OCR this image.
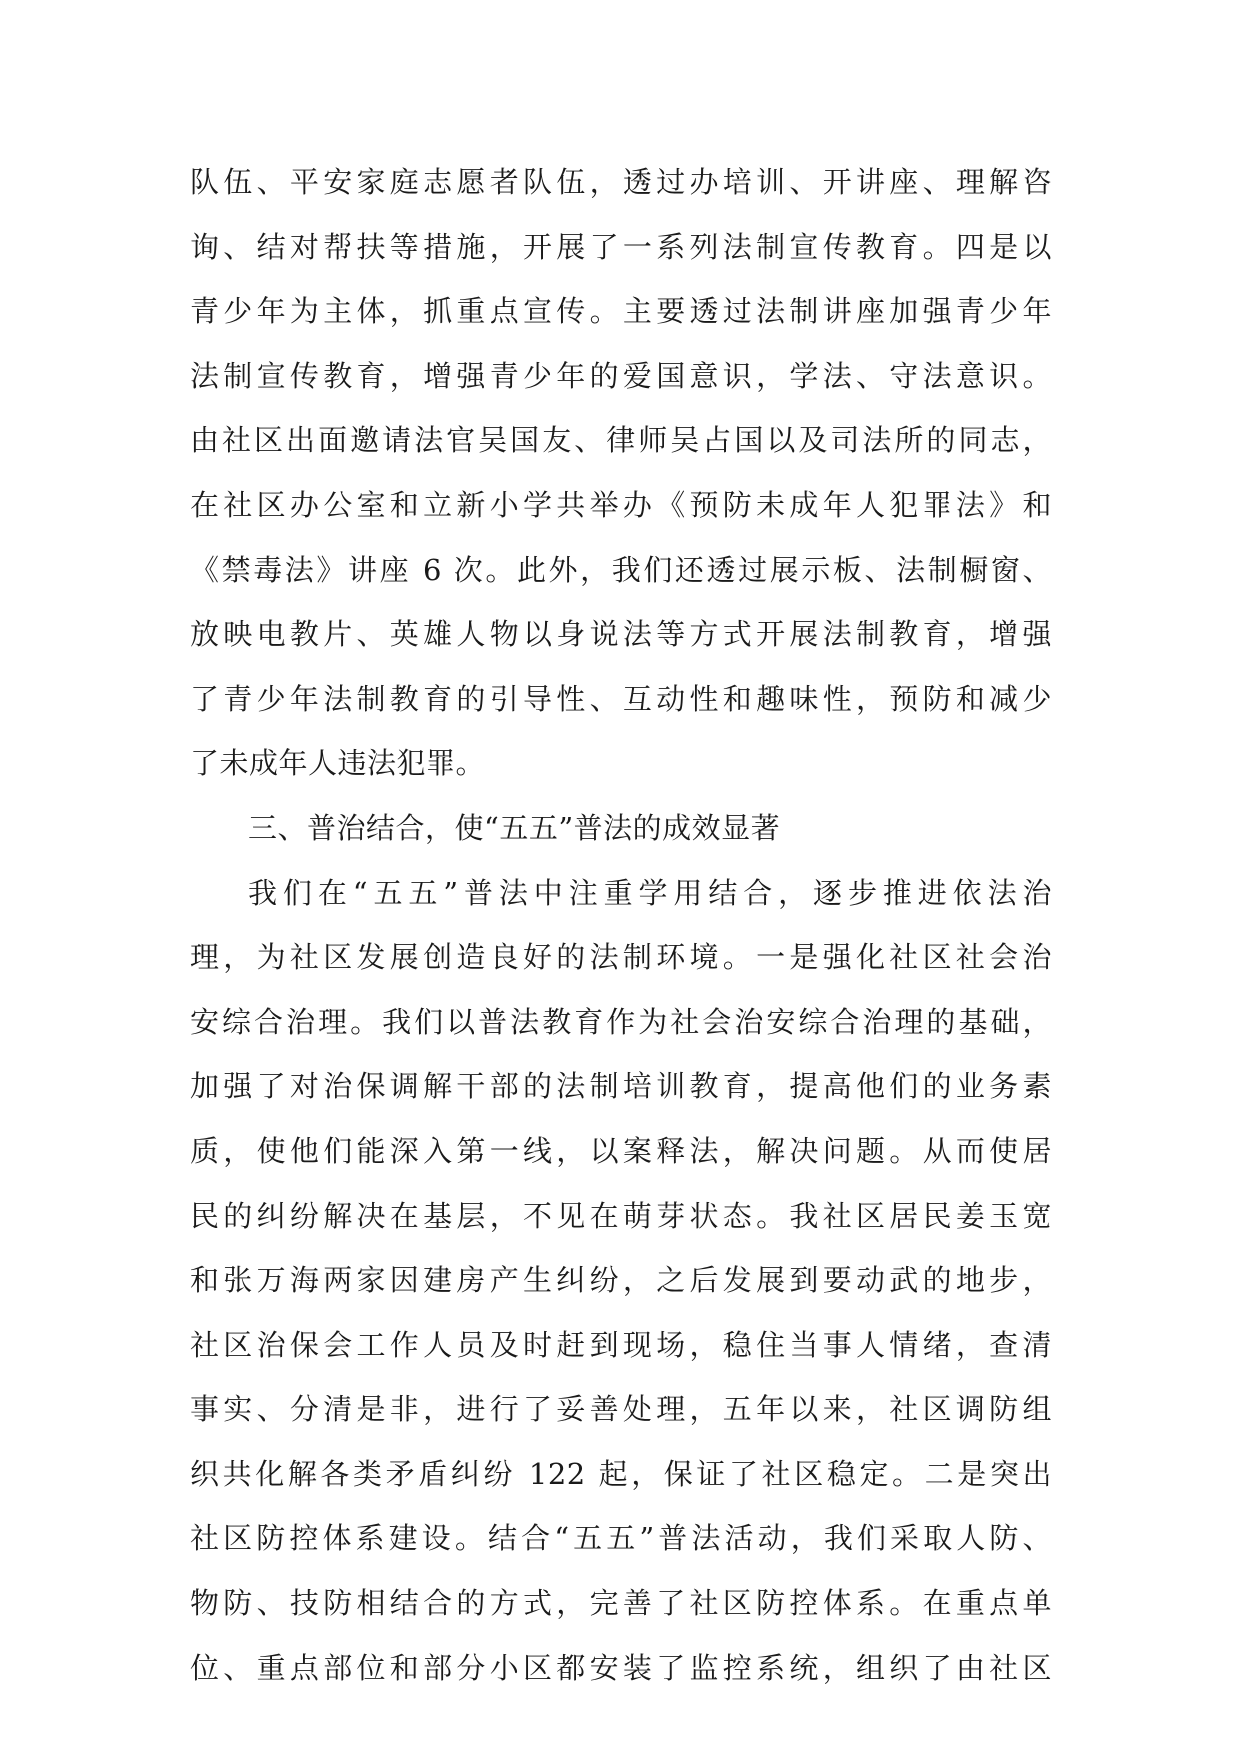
队伍、平安家庭志愿者队伍，透过办培训、开讲座、理解咨
询、结对帮扶等措施，开展了一系列法制宣传教育。四是以
青少年为主体，抓重点宣传。主要透过法制讲座加强青少年
法制宣传教育，增强青少年的爱国意识，学法、守法意识。
由社区出面邀请法官吴国友、律师吴占国以及司法所的同志，
在社区办公室和立新小学共举办《预防未成年人犯罪法》和
《禁毒法》讲座 6 次。此外，我们还透过展示板、法制橱窗、
放映电教片、英雄人物以身说法等方式开展法制教育，增强
了青少年法制教育的引导性、互动性和趣味性，预防和减少
了未成年人违法犯罪。
三、普治结合，使“五五”普法的成效显著
我们在“五五”普法中注重学用结合，逐步推进依法治
理，为社区发展创造良好的法制环境。一是强化社区社会治
安综合治理。我们以普法教育作为社会治安综合治理的基础，
加强了对治保调解干部的法制培训教育，提高他们的业务素
质，使他们能深入第一线，以案释法，解决问题。从而使居
民的纠纷解决在基层，不见在萌芽状态。我社区居民姜玉宽
和张万海两家因建房产生纠纷，之后发展到要动武的地步，
社区治保会工作人员及时赶到现场，稳住当事人情绪，查清
事实、分清是非，进行了妥善处理，五年以来，社区调防组
织共化解各类矛盾纠纷 122 起，保证了社区稳定。二是突出
社区防控体系建设。结合“五五”普法活动，我们采取人防、
物防、技防相结合的方式，完善了社区防控体系。在重点单
位、重点部位和部分小区都安装了监控系统，组织了由社区
